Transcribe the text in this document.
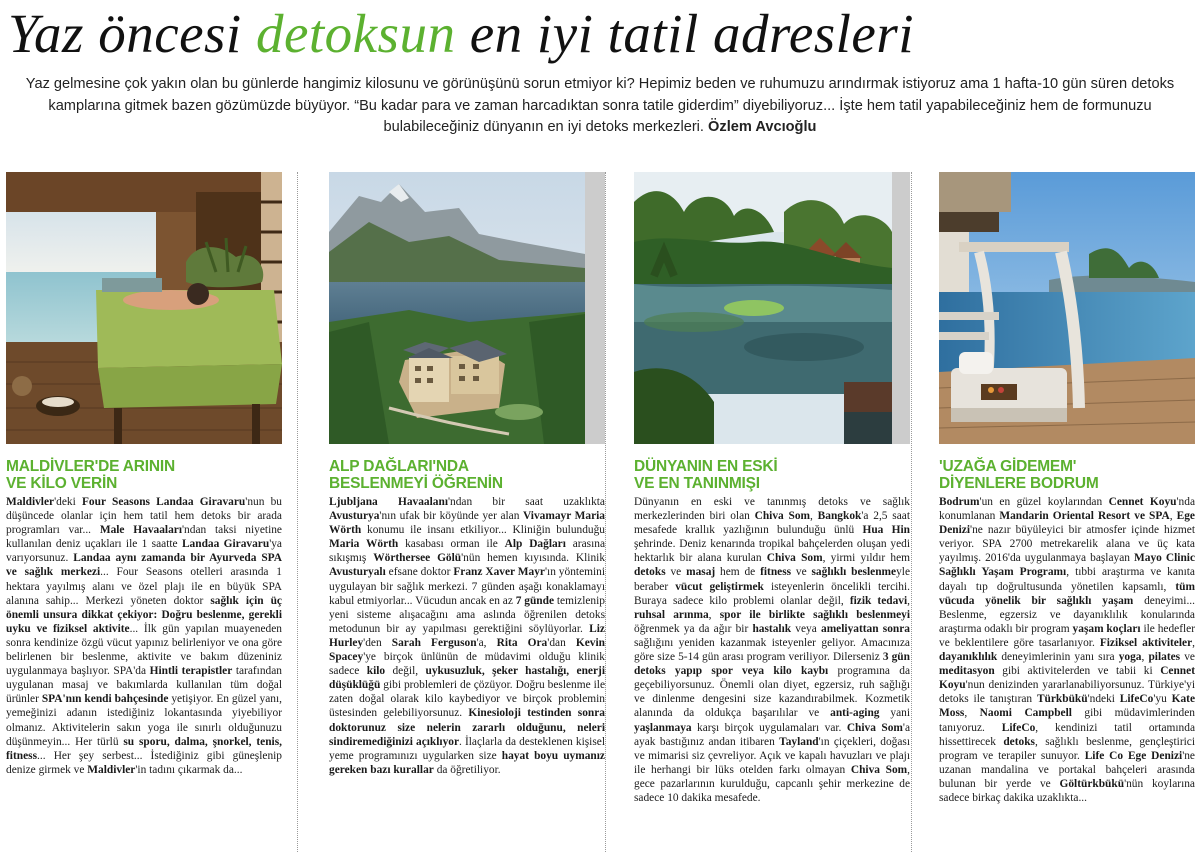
Yaz öncesi detoksun en iyi tatil adresleri
Yaz gelmesine çok yakın olan bu günlerde hangimiz kilosunu ve görünüşünü sorun etmiyor ki? Hepimiz beden ve ruhumuzu arındırmak istiyoruz ama 1 hafta-10 gün süren detoks kamplarına gitmek bazen gözümüzde büyüyor. “Bu kadar para ve zaman harcadıktan sonra tatile giderdim” diyebiliyoruz... İşte hem tatil yapabileceğiniz hem de formunuzu bulabileceğiniz dünyanın en iyi detoks merkezleri. Özlem Avcıoğlu
MALDİVLER'DE ARININ
VE KİLO VERİN

Maldivler'deki Four Seasons Landaa Giravaru'nun bu düşüncede olanlar için hem tatil hem detoks bir arada programları var... Male Havaaları'ndan taksi niyetine kullanılan deniz uçakları ile 1 saatte Landaa Giravaru'ya varıyorsunuz. Landaa aynı zamanda bir Ayurveda SPA ve sağlık merkezi... Four Seasons otelleri arasında 1 hektara yayılmış alanı ve özel plajı ile en büyük SPA alanına sahip... Merkezi yöneten doktor sağlık için üç önemli unsura dikkat çekiyor: Doğru beslenme, gerekli uyku ve fiziksel aktivite... İlk gün yapılan muayeneden sonra kendinize özgü vücut yapınız belirleniyor ve ona göre belirlenen bir beslenme, aktivite ve bakım düzeniniz uygulanmaya başlıyor. SPA'da Hintli terapistler tarafından uygulanan masaj ve bakımlarda kullanılan tüm doğal ürünler SPA'nın kendi bahçesinde yetişiyor. En güzel yanı, yemeğinizi adanın istediğiniz lokantasında yiyebiliyor olmanız. Aktivitelerin sakın yoga ile sınırlı olduğunuzu düşünmeyin... Her türlü su sporu, dalma, şnorkel, tenis, fitness... Her şey serbest... İstediğiniz gibi güneşlenip denize girmek ve Maldivler'in tadını çıkarmak da...

ALP DAĞLARI'NDA
BESLENMEYİ ÖĞRENİN

Ljubljana Havaalanı'ndan bir saat uzaklıkta Avusturya'nın ufak bir köyünde yer alan Vivamayr Maria Wörth konumu ile insanı etkiliyor... Kliniğin bulunduğu Maria Wörth kasabası orman ile Alp Dağları arasına sıkışmış Wörthersee Gölü'nün hemen kıyısında. Klinik Avusturyalı efsane doktor Franz Xaver Mayr'ın yöntemini uygulayan bir sağlık merkezi. 7 günden aşağı konaklamayı kabul etmiyorlar... Vücudun ancak en az 7 günde temizlenip yeni sisteme alışacağını ama aslında öğrenilen detoks metodunun bir ay yapılması gerektiğini söylüyorlar. Liz Hurley'den Sarah Ferguson'a, Rita Ora'dan Kevin Spacey'ye birçok ünlünün de müdavimi olduğu klinik sadece kilo değil, uykusuzluk, şeker hastalığı, enerji düşüklüğü gibi problemleri de çözüyor. Doğru beslenme ile zaten doğal olarak kilo kaybediyor ve birçok problemin üstesinden gelebiliyorsunuz. Kinesioloji testinden sonra doktorunuz size nelerin zararlı olduğunu, neleri sindiremediğinizi açıklıyor. İlaçlarla da desteklenen kişisel yeme programınızı uygularken size hayat boyu uymanız gereken bazı kurallar da öğretiliyor.

DÜNYANIN EN ESKİ
VE EN TANINMIŞI

Dünyanın en eski ve tanınmış detoks ve sağlık merkezlerinden biri olan Chiva Som, Bangkok'a 2,5 saat mesafede krallık yazlığının bulunduğu ünlü Hua Hin şehrinde. Deniz kenarında tropikal bahçelerden oluşan yedi hektarlık bir alana kurulan Chiva Som, yirmi yıldır hem detoks ve masaj hem de fitness ve sağlıklı beslenmeyle beraber vücut geliştirmek isteyenlerin öncelikli tercihi. Buraya sadece kilo problemi olanlar değil, fizik tedavi, ruhsal arınma, spor ile birlikte sağlıklı beslenmeyi öğrenmek ya da ağır bir hastalık veya ameliyattan sonra sağlığını yeniden kazanmak isteyenler geliyor. Amacınıza göre size 5-14 gün arası program veriliyor. Dilerseniz 3 gün detoks yapıp spor veya kilo kaybı programına da geçebiliyorsunuz. Önemli olan diyet, egzersiz, ruh sağlığı ve dinlenme dengesini size kazandırabilmek. Kozmetik alanında da oldukça başarılılar ve anti-aging yani yaşlanmaya karşı birçok uygulamaları var. Chiva Som'a ayak bastığınız andan itibaren Tayland'ın çiçekleri, doğası ve mimarisi siz çevreliyor. Açık ve kapalı havuzları ve plajı ile herhangi bir lüks otelden farkı olmayan Chiva Som, gece pazarlarının kurulduğu, capcanlı şehir merkezine de sadece 10 dakika mesafede.

'UZAĞA GİDEMEM'
DİYENLERE BODRUM

Bodrum'un en güzel koylarından Cennet Koyu'nda konumlanan Mandarin Oriental Resort ve SPA, Ege Denizi'ne nazır büyüleyici bir atmosfer içinde hizmet veriyor. SPA 2700 metrekarelik alana ve üç kata yayılmış. 2016'da uygulanmaya başlayan Mayo Clinic Sağlıklı Yaşam Programı, tıbbi araştırma ve kanıta dayalı tıp doğrultusunda yönetilen kapsamlı, tüm vücuda yönelik bir sağlıklı yaşam deneyimi... Beslenme, egzersiz ve dayanıklılık konularında araştırma odaklı bir program yaşam koçları ile hedefler ve beklentilere göre tasarlanıyor. Fiziksel aktiviteler, dayanıklılık deneyimlerinin yanı sıra yoga, pilates ve meditasyon gibi aktivitelerden ve tabii ki Cennet Koyu'nun denizinden yararlanabiliyorsunuz. Türkiye'yi detoks ile tanıştıran Türkbükü'ndeki LifeCo'yu Kate Moss, Naomi Campbell gibi müdavimlerinden tanıyoruz. LifeCo, kendinizi tatil ortamında hissettirecek detoks, sağlıklı beslenme, gençleştirici program ve terapiler sunuyor. Life Co Ege Denizi'ne uzanan mandalina ve portakal bahçeleri arasında bulunan bir yerde ve Göltürkbükü'nün koylarına sadece birkaç dakika uzaklıkta...
